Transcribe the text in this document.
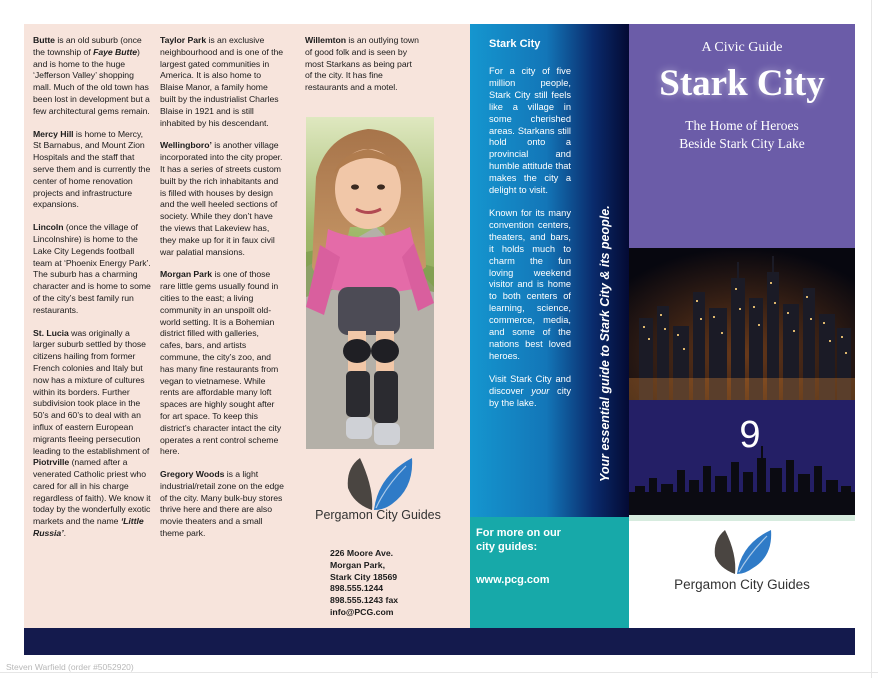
Butte is an old suburb (once the township of Faye Butte) and is home to the huge ‘Jefferson Valley’ shopping mall. Much of the old town has been lost in development but a few architectural gems remain.

Mercy Hill is home to Mercy, St Barnabus, and Mount Zion Hospitals and the staff that serve them and is currently the center of home renovation projects and infrastructure expansions.

Lincoln (once the village of Lincolnshire) is home to the Lake City Legends football team at ‘Phoenix Energy Park’. The suburb has a charming character and is home to some of the city’s best family run restaurants.

St. Lucia was originally a larger suburb settled by those citizens hailing from former French colonies and Italy but now has a mixture of cultures within its borders. Further subdivision took place in the 50’s and 60’s to deal with an influx of eastern European migrants fleeing persecution leading to the establishment of Piotrville (named after a venerated Catholic priest who cared for all in his charge regardless of faith). We know it today by the wonderfully exotic markets and the name ‘Little Russia’.

Taylor Park is an exclusive neighbourhood and is one of the largest gated communities in America. It is also home to Blaise Manor, a family home built by the industrialist Charles Blaise in 1921 and is still inhabited by his descendant.

Wellingboro’ is another village incorporated into the city proper. It has a series of streets custom built by the rich inhabitants and is filled with houses by design and the well heeled sections of society. While they don’t have the views that Lakeview has, they make up for it in faux civil war palatial mansions.

Morgan Park is one of those rare little gems usually found in cities to the east; a living community in an unspoilt old-world setting. It is a Bohemian district filled with galleries, cafes, bars, and artists commune, the city’s zoo, and has many fine restaurants from vegan to vietnamese. While rents are affordable many loft spaces are highly sought after for art space. To keep this district’s character intact the city operates a rent control scheme here.

Gregory Woods is a light industrial/retail zone on the edge of the city. Many bulk-buy stores thrive here and there are also movie theaters and a small theme park.

Willemton is an outlying town of good folk and is seen by most Starkans as being part of the city. It has fine restaurants and a motel.

Pergamon City Guides
226 Moore Ave.
Morgan Park,
Stark City 18569
898.555.1244
898.555.1243 fax
info@PCG.com
Stark City

For a city of five million people, Stark City still feels like a village in some cherished areas. Starkans still hold onto a provincial and humble attitude that makes the city a delight to visit.

Known for its many convention centers, theaters, and bars, it holds much to charm the fun loving weekend visitor and is home to both centers of learning, science, commerce, media, and some of the nations best loved heroes.

Visit Stark City and discover your city by the lake.	Your essential guide to Stark City & its people.
For more on our
city guides:
www.pcg.com
A Civic Guide
Stark City
The Home of Heroes
Beside Stark City Lake
9
Pergamon City Guides
Steven Warfield (order #5052920)
